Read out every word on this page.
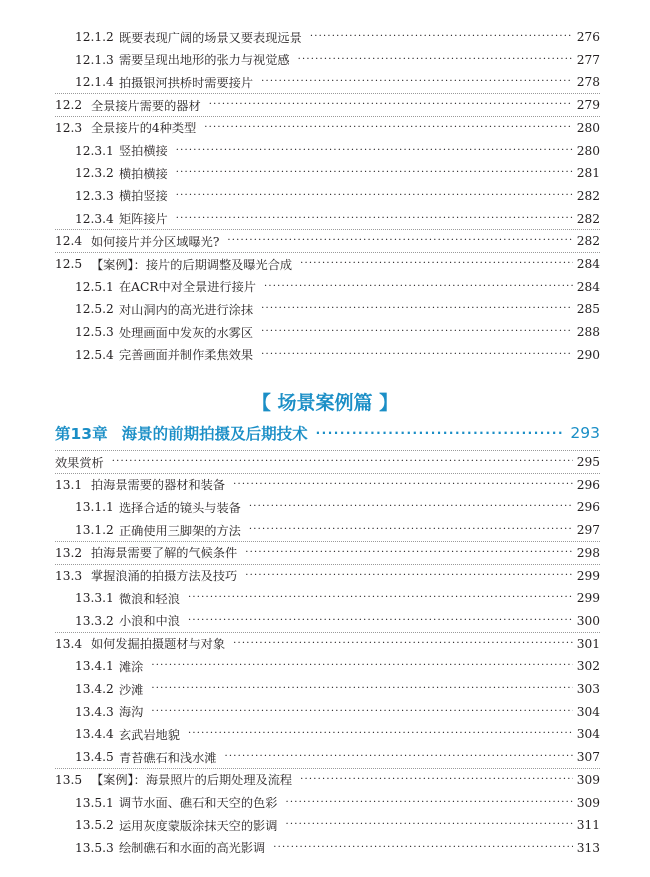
【 场景案例篇 】
第13章 海景的前期拍摄及后期技术 ·····	293
12.1.2 既要表现广阔的场景又要表现远景 ·····	276
12.1.3 需要呈现出地形的张力与视觉感 ·····	277
12.1.4 拍摄银河拱桥时需要接片 ·····	278
12.2 全景接片需要的器材 ·····	279
12.3 全景接片的4种类型 ·····	280
12.3.1 竖拍横接 ·····	280
12.3.2 横拍横接 ·····	281
12.3.3 横拍竖接 ·····	282
12.3.4 矩阵接片 ·····	282
12.4 如何接片并分区域曝光? ·····	282
12.5 【案例】：接片的后期调整及曝光合成 ·····	284
12.5.1 在ACR中对全景进行接片 ·····	284
12.5.2 对山洞内的高光进行涂抹 ·····	285
12.5.3 处理画面中发灰的水雾区 ·····	288
12.5.4 完善画面并制作柔焦效果 ·····	290
效果赏析 ·····	295
13.1 拍海景需要的器材和装备 ·····	296
13.1.1 选择合适的镜头与装备 ·····	296
13.1.2 正确使用三脚架的方法 ·····	297
13.2 拍海景需要了解的气候条件 ·····	298
13.3 掌握浪涌的拍摄方法及技巧 ·····	299
13.3.1 微浪和轻浪 ·····	299
13.3.2 小浪和中浪 ·····	300
13.4 如何发掘拍摄题材与对象 ·····	301
13.4.1 滩涂 ·····	302
13.4.2 沙滩 ·····	303
13.4.3 海沟 ·····	304
13.4.4 玄武岩地貌 ·····	304
13.4.5 青苔礁石和浅水滩 ·····	307
13.5 【案例】：海景照片的后期处理及流程 ·····	309
13.5.1 调节水面、礁石和天空的色彩 ·····	309
13.5.2 运用灰度蒙版涂抹天空的影调 ·····	311
13.5.3 绘制礁石和水面的高光影调 ·····	313
